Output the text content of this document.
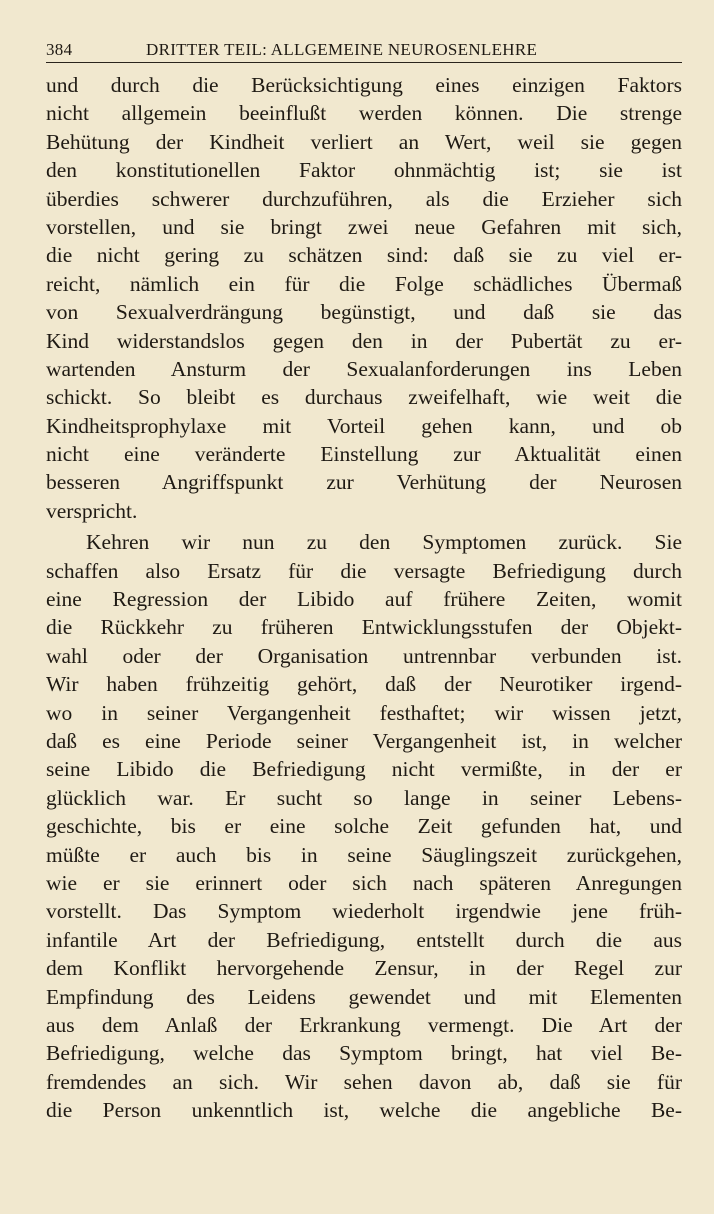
384	DRITTER TEIL: ALLGEMEINE NEUROSENLEHRE
und durch die Berücksichtigung eines einzigen Faktors
nicht allgemein beeinflußt werden können. Die strenge
Behütung der Kindheit verliert an Wert, weil sie gegen
den konstitutionellen Faktor ohnmächtig ist; sie ist
überdies schwerer durchzuführen, als die Erzieher sich
vorstellen, und sie bringt zwei neue Gefahren mit sich,
die nicht gering zu schätzen sind: daß sie zu viel er-
reicht, nämlich ein für die Folge schädliches Übermaß
von Sexualverdrängung begünstigt, und daß sie das
Kind widerstandslos gegen den in der Pubertät zu er-
wartenden Ansturm der Sexualanforderungen ins Leben
schickt. So bleibt es durchaus zweifelhaft, wie weit die
Kindheitsprophylaxe mit Vorteil gehen kann, und ob
nicht eine veränderte Einstellung zur Aktualität einen
besseren Angriffspunkt zur Verhütung der Neurosen
verspricht.
Kehren wir nun zu den Symptomen zurück. Sie
schaffen also Ersatz für die versagte Befriedigung durch
eine Regression der Libido auf frühere Zeiten, womit
die Rückkehr zu früheren Entwicklungsstufen der Objekt-
wahl oder der Organisation untrennbar verbunden ist.
Wir haben frühzeitig gehört, daß der Neurotiker irgend-
wo in seiner Vergangenheit festhaftet; wir wissen jetzt,
daß es eine Periode seiner Vergangenheit ist, in welcher
seine Libido die Befriedigung nicht vermißte, in der er
glücklich war. Er sucht so lange in seiner Lebens-
geschichte, bis er eine solche Zeit gefunden hat, und
müßte er auch bis in seine Säuglingszeit zurückgehen,
wie er sie erinnert oder sich nach späteren Anregungen
vorstellt. Das Symptom wiederholt irgendwie jene früh-
infantile Art der Befriedigung, entstellt durch die aus
dem Konflikt hervorgehende Zensur, in der Regel zur
Empfindung des Leidens gewendet und mit Elementen
aus dem Anlaß der Erkrankung vermengt. Die Art der
Befriedigung, welche das Symptom bringt, hat viel Be-
fremdendes an sich. Wir sehen davon ab, daß sie für
die Person unkenntlich ist, welche die angebliche Be-
